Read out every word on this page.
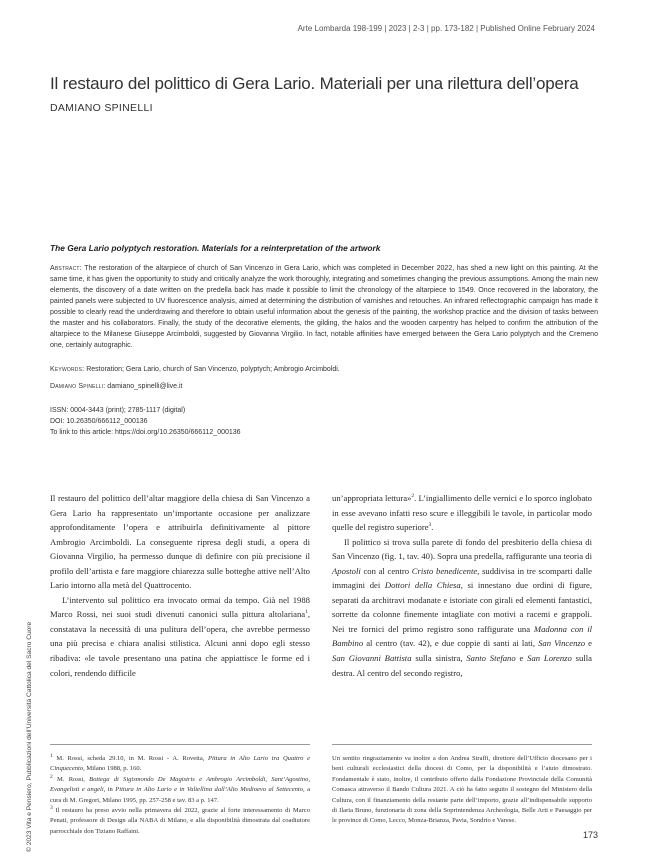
Arte Lombarda 198-199 | 2023 | 2-3 | pp. 173-182 | Published Online February 2024
Il restauro del polittico di Gera Lario. Materiali per una rilettura dell’opera
DAMIANO SPINELLI
The Gera Lario polyptych restoration. Materials for a reinterpretation of the artwork
Abstract: The restoration of the altarpiece of church of San Vincenzo in Gera Lario, which was completed in December 2022, has shed a new light on this painting. At the same time, it has given the opportunity to study and critically analyze the work thoroughly, integrating and sometimes changing the previous assumptions. Among the main new elements, the discovery of a date written on the predella back has made it possible to limit the chronology of the altarpiece to 1549. Once recovered in the laboratory, the painted panels were subjected to UV fluorescence analysis, aimed at determining the distribution of varnishes and retouches. An infrared reflectographic campaign has made it possible to clearly read the underdrawing and therefore to obtain useful information about the genesis of the painting, the workshop practice and the division of tasks between the master and his collaborators. Finally, the study of the decorative elements, the gilding, the halos and the wooden carpentry has helped to confirm the attribution of the altarpiece to the Milanese Giuseppe Arcimboldi, suggested by Giovanna Virgilio. In fact, notable affinities have emerged between the Gera Lario polyptych and the Cremeno one, certainly autographic.
Keywords: Restoration; Gera Lario, church of San Vincenzo, polyptych; Ambrogio Arcimboldi.
Damiano Spinelli: damiano_spinelli@live.it
ISSN: 0004-3443 (print); 2785-1117 (digital)
DOI: 10.26350/666112_000136
To link to this article: https://doi.org/10.26350/666112_000136

Il restauro del polittico dell’altar maggiore della chiesa di San Vincenzo a Gera Lario ha rappresentato un’importante occasione per analizzare approfonditamente l’opera e attribuirla definitivamente al pittore Ambrogio Arcimboldi. La conseguente ripresa degli studi, a opera di Giovanna Virgilio, ha permesso dunque di definire con più precisione il profilo dell’artista e fare maggiore chiarezza sulle botteghe attive nell’Alto Lario intorno alla metà del Quattrocento.

L’intervento sul polittico era invocato ormai da tempo. Già nel 1988 Marco Rossi, nei suoi studi divenuti canonici sulla pittura altolariana$^1$, constatava la necessità di una pulitura dell’opera, che avrebbe permesso una più precisa e chiara analisi stilistica. Alcuni anni dopo egli stesso ribadiva: «le tavole presentano una patina che appiattisce le forme ed i colori, rendendo difficile

un’appropriata lettura»$^2$. L’ingiallimento delle vernici e lo sporco inglobato in esse avevano infatti reso scure e illeggibili le tavole, in particolar modo quelle del registro superiore$^3$.

Il polittico si trova sulla parete di fondo del presbiterio della chiesa di San Vincenzo (fig. 1, tav. 40). Sopra una predella, raffigurante una teoria di Apostoli con al centro Cristo benedicente, suddivisa in tre scomparti dalle immagini dei Dottori della Chiesa, si innestano due ordini di figure, separati da architravi modanate e istoriate con girali ed elementi fantastici, sorrette da colonne finemente intagliate con motivi a racemi e grappoli. Nei tre fornici del primo registro sono raffigurate una Madonna con il Bambino al centro (tav. 42), e due coppie di santi ai lati, San Vincenzo e San Giovanni Battista sulla sinistra, Santo Stefano e San Lorenzo sulla destra. Al centro del secondo registro,

$^1$ M. Rossi, scheda 29.10, in M. Rossi - A. Rovetta, Pittura in Alto Lario tra Quattro e Cinquecento, Milano 1988, p. 160.

$^2$ M. Rossi, Bottega di Sigismondo De Magistris e Ambrogio Arcimboldi, Sant’Agostino, Evangelisti e angeli, in Pittura in Alto Lario e in Valtellina dall’Alto Medioevo al Settecento, a cura di M. Gregori, Milano 1995, pp. 257-258 e tav. 83 a p. 147.

$^3$ Il restauro ha preso avvio nella primavera del 2022, grazie al forte interessamento di Marco Penati, professore di Design alla NABA di Milano, e alla disponibilità dimostrata dal coadiutore parrocchiale don Tiziano Raffaini.

Un sentito ringraziamento va inoltre a don Andrea Straffi, direttore dell’Ufficio diocesano per i beni culturali ecclesiastici della diocesi di Como, per la disponibilità e l’aiuto dimostrato. Fondamentale è stato, inoltre, il contributo offerto dalla Fondazione Provinciale della Comunità Comasca attraverso il Bando Cultura 2021. A ciò ha fatto seguito il sostegno del Ministero della Cultura, con il finanziamento della restante parte dell’importo, grazie all’indispensabile supporto di Ilaria Bruno, funzionaria di zona della Soprintendenza Archeologia, Belle Arti e Paesaggio per le province di Como, Lecco, Monza-Brianza, Pavia, Sondrio e Varese.

173
© 2023 Vita e Pensiero, Pubblicazioni dell’Università Cattolica del Sacro Cuore
